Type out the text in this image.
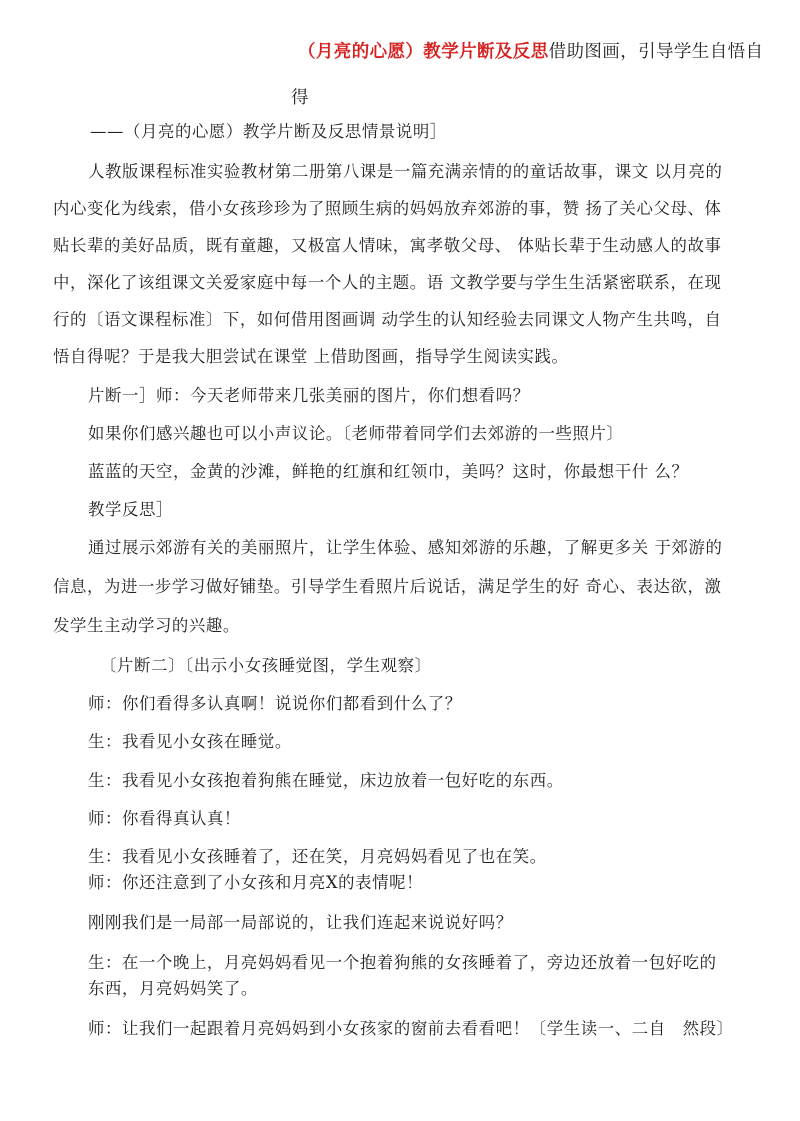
（月亮的心愿）教学片断及反思借助图画，引导学生自悟自
得
——（月亮的心愿）教学片断及反思情景说明］
人教版课程标准实验教材第二册第八课是一篇充满亲情的的童话故事，课文 以月亮的
内心变化为线索，借小女孩珍珍为了照顾生病的妈妈放弃郊游的事，赞 扬了关心父母、体
贴长辈的美好品质，既有童趣，又极富人情味，寓孝敬父母、 体贴长辈于生动感人的故事
中，深化了该组课文关爱家庭中每一个人的主题。语 文教学要与学生生活紧密联系，在现
行的〔语文课程标准〕下，如何借用图画调 动学生的认知经验去同课文人物产生共鸣，自
悟自得呢？于是我大胆尝试在课堂 上借助图画，指导学生阅读实践。
片断一］师：今天老师带来几张美丽的图片，你们想看吗？
如果你们感兴趣也可以小声议论。〔老师带着同学们去郊游的一些照片〕
蓝蓝的天空，金黄的沙滩，鲜艳的红旗和红领巾，美吗？这时，你最想干什 么？
教学反思］
通过展示郊游有关的美丽照片，让学生体验、感知郊游的乐趣，了解更多关 于郊游的
信息，为进一步学习做好铺垫。引导学生看照片后说话，满足学生的好 奇心、表达欲，激
发学生主动学习的兴趣。
〔片断二〕〔出示小女孩睡觉图，学生观察〕
师：你们看得多认真啊！说说你们都看到什么了？
生：我看见小女孩在睡觉。
生：我看见小女孩抱着狗熊在睡觉，床边放着一包好吃的东西。
师：你看得真认真！
生：我看见小女孩睡着了，还在笑，月亮妈妈看见了也在笑。
师：你还注意到了小女孩和月亮X的表情呢！
刚刚我们是一局部一局部说的，让我们连起来说说好吗？
生：在一个晚上，月亮妈妈看见一个抱着狗熊的女孩睡着了，旁边还放着一包好吃的
东西，月亮妈妈笑了。
师：让我们一起跟着月亮妈妈到小女孩家的窗前去看看吧！〔学生读一、二自　然段〕
